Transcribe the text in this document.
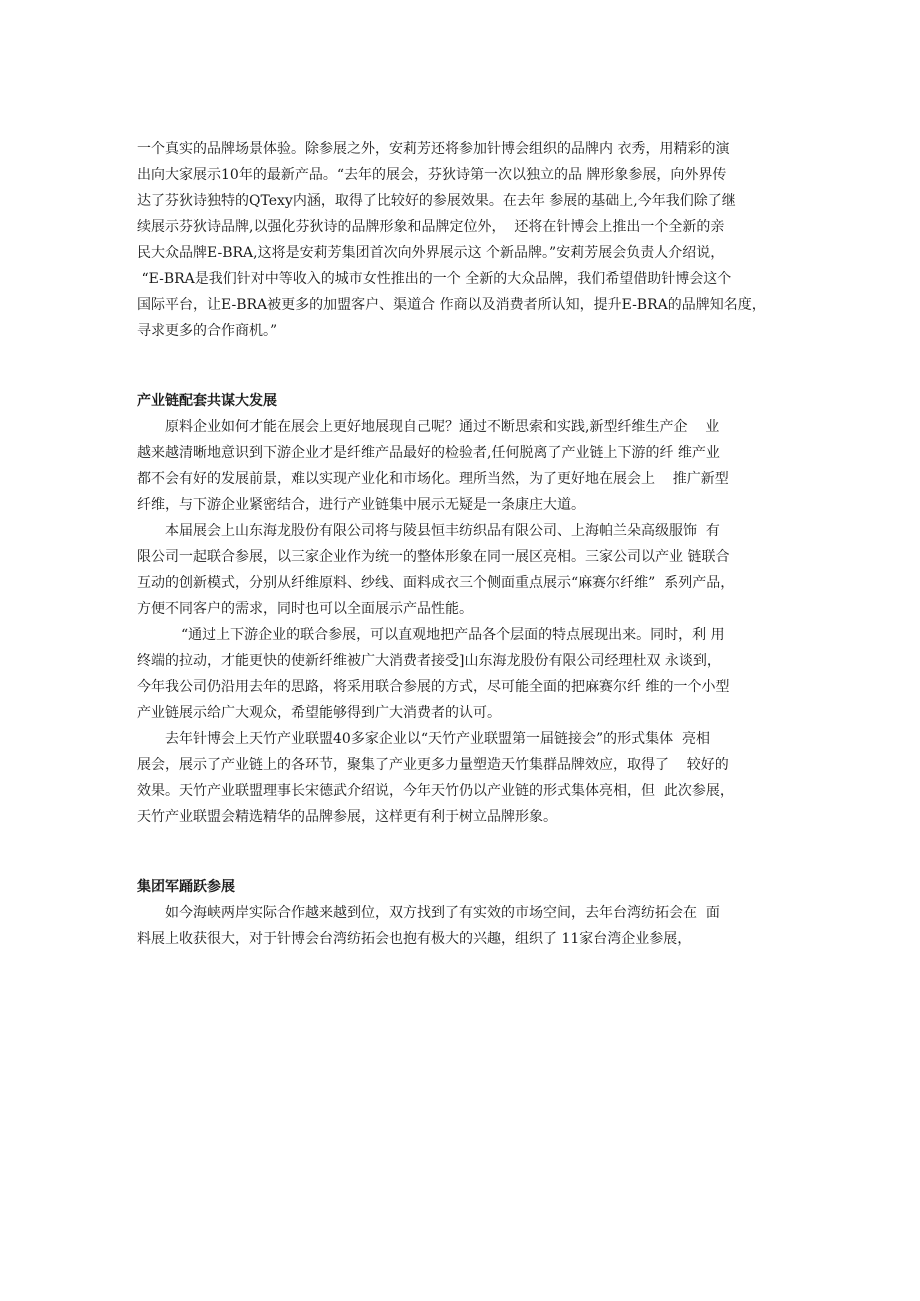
一个真实的品牌场景体验。除参展之外，安莉芳还将参加针博会组织的品牌内 衣秀，用精彩的演
出向大家展示10年的最新产品。“去年的展会，芬狄诗第一次以独立的品 牌形象参展，向外界传
达了芬狄诗独特的QTexy内涵，取得了比较好的参展效果。在去年 参展的基础上,今年我们除了继
续展示芬狄诗品牌,以强化芬狄诗的品牌形象和品牌定位外，  还将在针博会上推出一个全新的亲
民大众品牌E-BRA,这将是安莉芳集团首次向外界展示这 个新品牌。”安莉芳展会负责人介绍说，
“E-BRA是我们针对中等收入的城市女性推出的一个 全新的大众品牌，我们希望借助针博会这个
国际平台，让E-BRA被更多的加盟客户、渠道合 作商以及消费者所认知，提升E-BRA的品牌知名度，
寻求更多的合作商机。”
产业链配套共谋大发展
原料企业如何才能在展会上更好地展现自己呢？通过不断思索和实践,新型纤维生产企    业
越来越清晰地意识到下游企业才是纤维产品最好的检验者,任何脱离了产业链上下游的纤 维产业
都不会有好的发展前景，难以实现产业化和市场化。理所当然，为了更好地在展会上    推广新型
纤维，与下游企业紧密结合，进行产业链集中展示无疑是一条康庄大道。
本届展会上山东海龙股份有限公司将与陵县恒丰纺织品有限公司、上海帕兰朵高级服饰  有
限公司一起联合参展，以三家企业作为统一的整体形象在同一展区亮相。三家公司以产业 链联合
互动的创新模式，分别从纤维原料、纱线、面料成衣三个侧面重点展示“麻赛尔纤维”  系列产品，
方便不同客户的需求，同时也可以全面展示产品性能。
“通过上下游企业的联合参展，可以直观地把产品各个层面的特点展现出来。同时，利 用
终端的拉动，才能更快的使新纤维被广大消费者接受]山东海龙股份有限公司经理杜双 永谈到，
今年我公司仍沿用去年的思路，将采用联合参展的方式，尽可能全面的把麻赛尔纤 维的一个小型
产业链展示给广大观众，希望能够得到广大消费者的认可。
去年针博会上天竹产业联盟40多家企业以“天竹产业联盟第一届链接会”的形式集体  亮相
展会，展示了产业链上的各环节，聚集了产业更多力量塑造天竹集群品牌效应，取得了    较好的
效果。天竹产业联盟理事长宋德武介绍说，今年天竹仍以产业链的形式集体亮相，但  此次参展，
天竹产业联盟会精选精华的品牌参展，这样更有利于树立品牌形象。
集团军踊跃参展
如今海峡两岸实际合作越来越到位，双方找到了有实效的市场空间，去年台湾纺拓会在  面
料展上收获很大，对于针博会台湾纺拓会也抱有极大的兴趣，组织了 11家台湾企业参展，
